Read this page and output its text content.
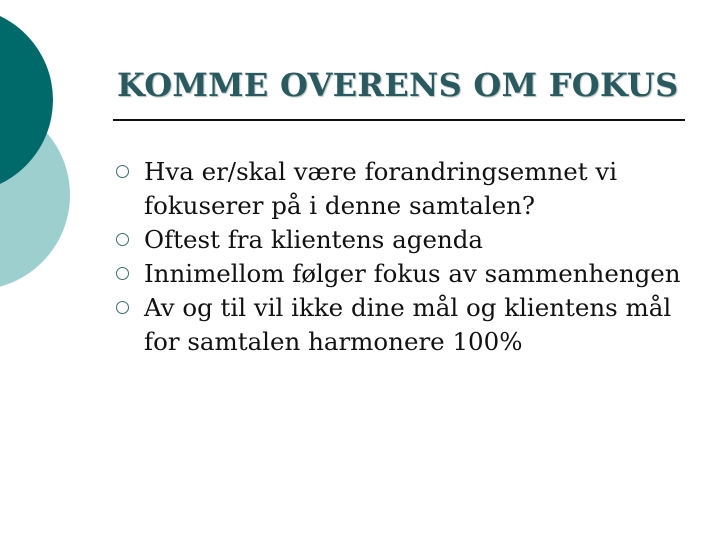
KOMME OVERENS OM FOKUS
Hva er/skal være forandringsemnet vi fokuserer på i denne samtalen?
Oftest fra klientens agenda
Innimellom følger fokus av sammenhengen
Av og til vil ikke dine mål og klientens mål for samtalen harmonere 100%
